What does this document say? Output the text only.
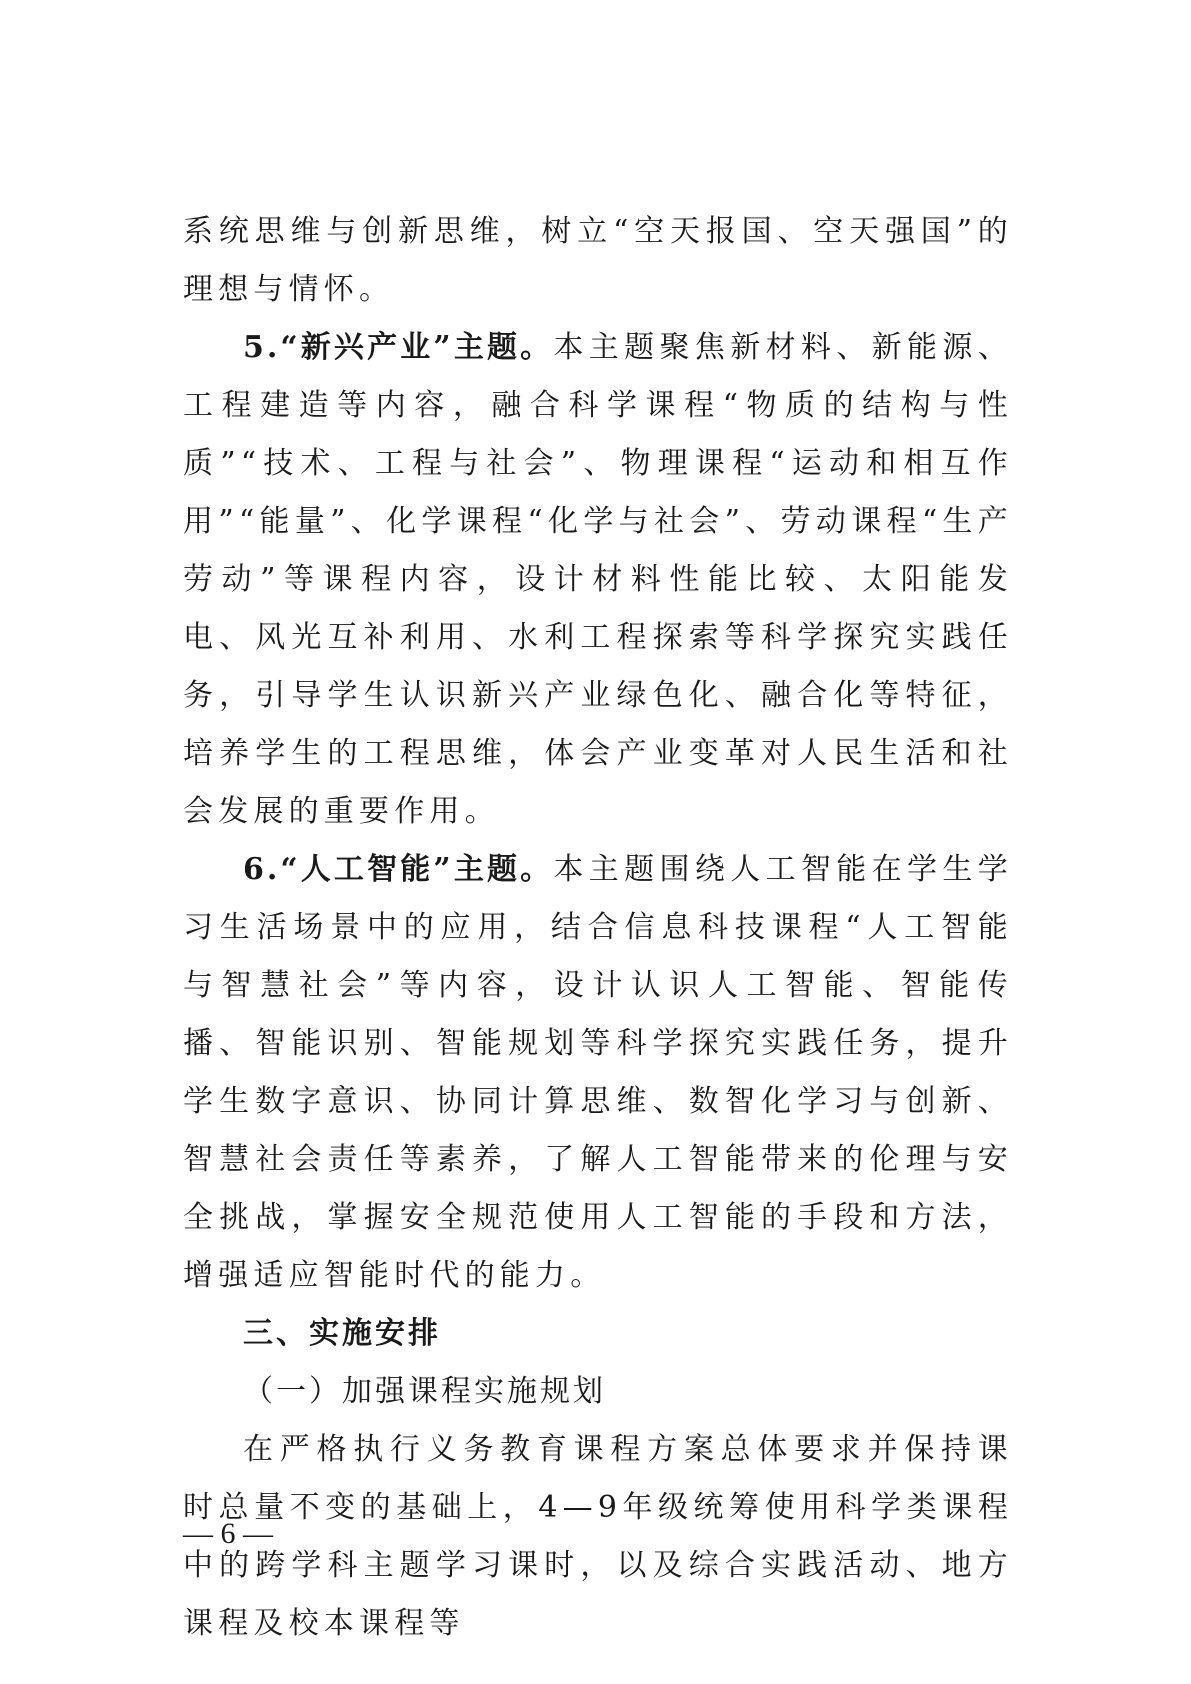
系统思维与创新思维，树立“空天报国、空天强国”的理想与情怀。

5.“新兴产业”主题。本主题聚焦新材料、新能源、工程建造等内容，融合科学课程“物质的结构与性质”“技术、工程与社会”、物理课程“运动和相互作用”“能量”、化学课程“化学与社会”、劳动课程“生产劳动”等课程内容，设计材料性能比较、太阳能发电、风光互补利用、水利工程探索等科学探究实践任务，引导学生认识新兴产业绿色化、融合化等特征，培养学生的工程思维，体会产业变革对人民生活和社会发展的重要作用。

6.“人工智能”主题。本主题围绕人工智能在学生学习生活场景中的应用，结合信息科技课程“人工智能与智慧社会”等内容，设计认识人工智能、智能传播、智能识别、智能规划等科学探究实践任务，提升学生数字意识、协同计算思维、数智化学习与创新、智慧社会责任等素养，了解人工智能带来的伦理与安全挑战，掌握安全规范使用人工智能的手段和方法，增强适应智能时代的能力。

三、实施安排

（一）加强课程实施规划

在严格执行义务教育课程方案总体要求并保持课时总量不变的基础上，4—9年级统筹使用科学类课程中的跨学科主题学习课时，以及综合实践活动、地方课程及校本课程等

— 6 —
